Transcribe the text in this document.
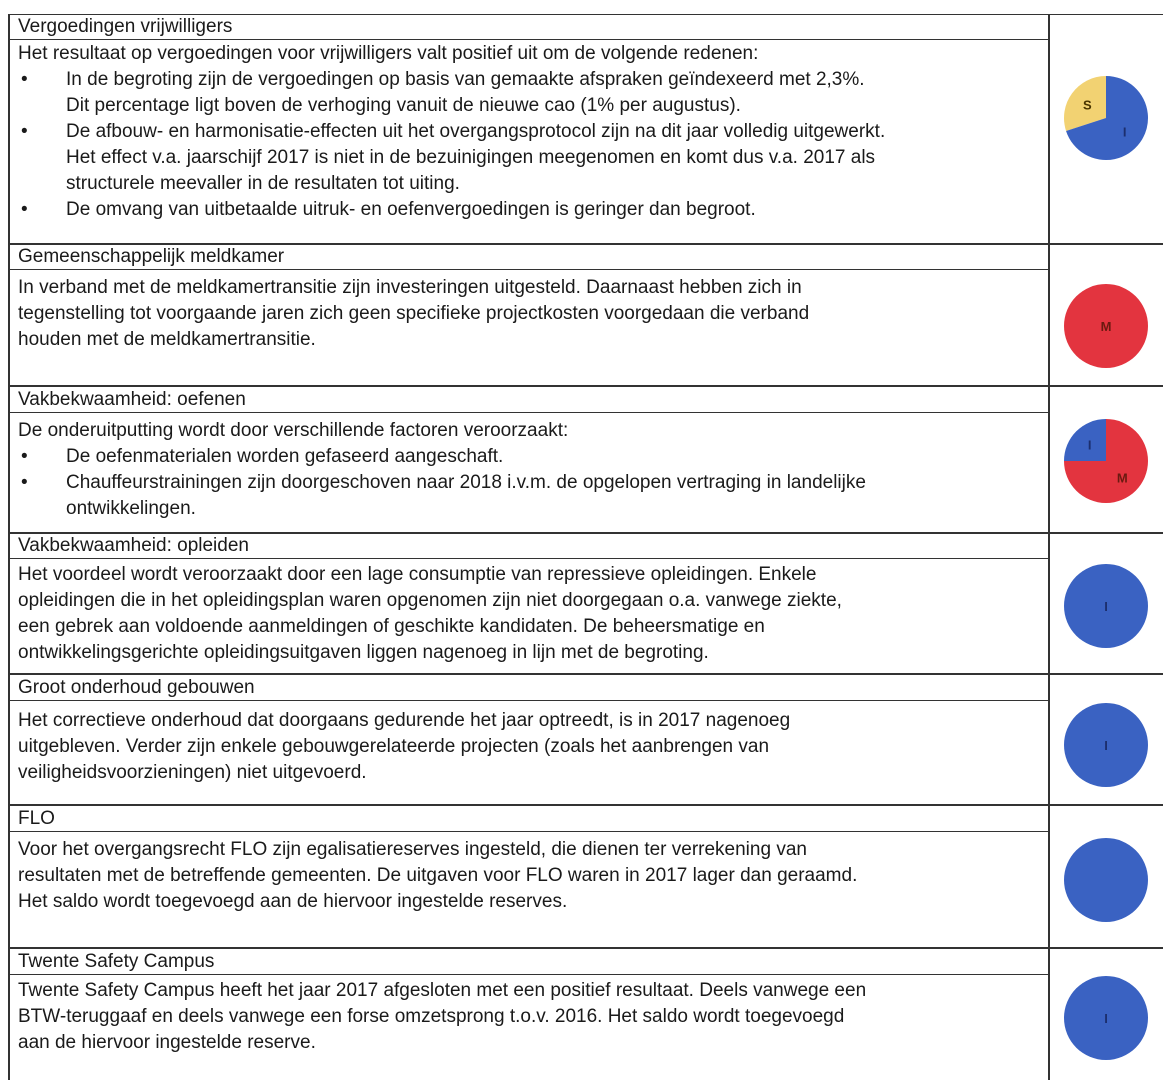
Vergoedingen vrijwilligers
Het resultaat op vergoedingen voor vrijwilligers valt positief uit om de volgende redenen:
• In de begroting zijn de vergoedingen op basis van gemaakte afspraken geïndexeerd met 2,3%.
Dit percentage ligt boven de verhoging vanuit de nieuwe cao (1% per augustus).
• De afbouw- en harmonisatie-effecten uit het overgangsprotocol zijn na dit jaar volledig uitgewerkt.
Het effect v.a. jaarschijf 2017 is niet in de bezuinigingen meegenomen en komt dus v.a. 2017 als
structurele meevaller in de resultaten tot uiting.
• De omvang van uitbetaalde uitruk- en oefenvergoedingen is geringer dan begroot.
Gemeenschappelijk meldkamer
In verband met de meldkamertransitie zijn investeringen uitgesteld. Daarnaast hebben zich in
tegenstelling tot voorgaande jaren zich geen specifieke projectkosten voorgedaan die verband
houden met de meldkamertransitie.
Vakbekwaamheid: oefenen
De onderuitputting wordt door verschillende factoren veroorzaakt:
• De oefenmaterialen worden gefaseerd aangeschaft.
• Chauffeurstrainingen zijn doorgeschoven naar 2018 i.v.m. de opgelopen vertraging in landelijke
ontwikkelingen.
Vakbekwaamheid: opleiden
Het voordeel wordt veroorzaakt door een lage consumptie van repressieve opleidingen. Enkele
opleidingen die in het opleidingsplan waren opgenomen zijn niet doorgegaan o.a. vanwege ziekte,
een gebrek aan voldoende aanmeldingen of geschikte kandidaten. De beheersmatige en
ontwikkelingsgerichte opleidingsuitgaven liggen nagenoeg in lijn met de begroting.
Groot onderhoud gebouwen
Het correctieve onderhoud dat doorgaans gedurende het jaar optreedt, is in 2017 nagenoeg
uitgebleven. Verder zijn enkele gebouwgerelateerde projecten (zoals het aanbrengen van
veiligheidsvoorzieningen) niet uitgevoerd.
FLO
Voor het overgangsrecht FLO zijn egalisatiereserves ingesteld, die dienen ter verrekening van
resultaten met de betreffende gemeenten. De uitgaven voor FLO waren in 2017 lager dan geraamd.
Het saldo wordt toegevoegd aan de hiervoor ingestelde reserves.
Twente Safety Campus
Twente Safety Campus heeft het jaar 2017 afgesloten met een positief resultaat. Deels vanwege een
BTW-teruggaaf en deels vanwege een forse omzetsprong t.o.v. 2016. Het saldo wordt toegevoegd
aan de hiervoor ingestelde reserve.
S
I
M
I
M
I
I
I
